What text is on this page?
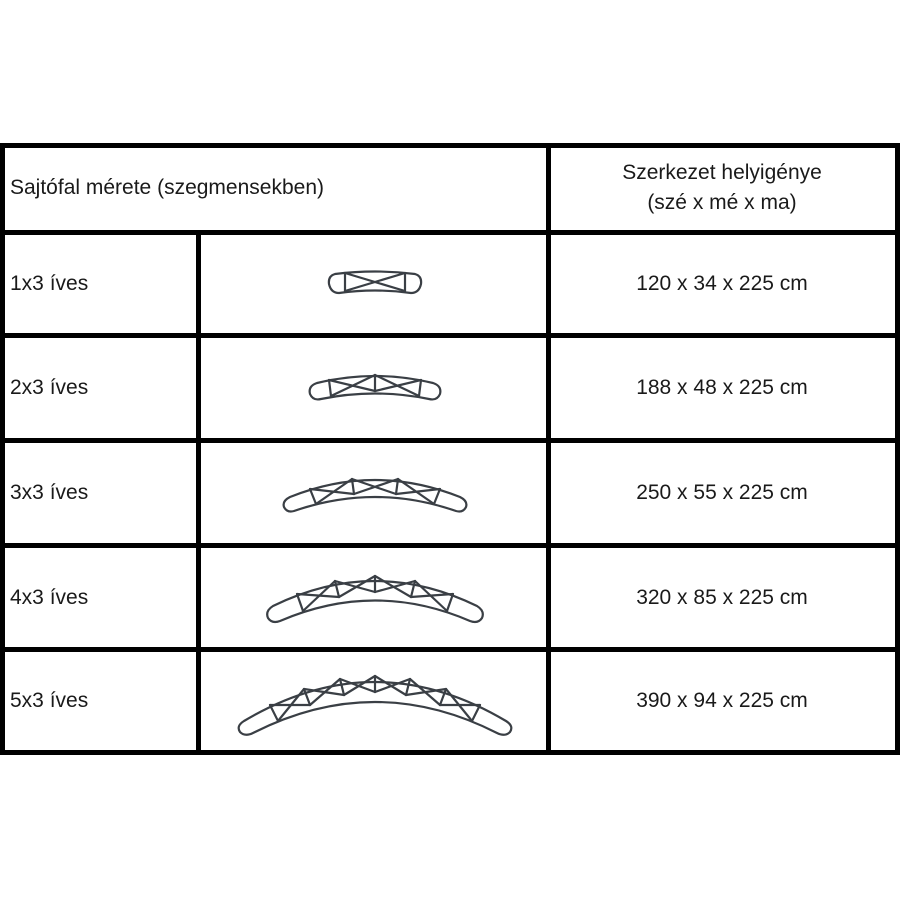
Sajtófal mérete (szegmensekben)
Szerkezet helyigénye
(szé x mé x ma)
1x3 íves	120 x 34 x 225 cm
2x3 íves	188 x 48 x 225 cm
3x3 íves	250 x 55 x 225 cm
4x3 íves	320 x 85 x 225 cm
5x3 íves	390 x 94 x 225 cm
